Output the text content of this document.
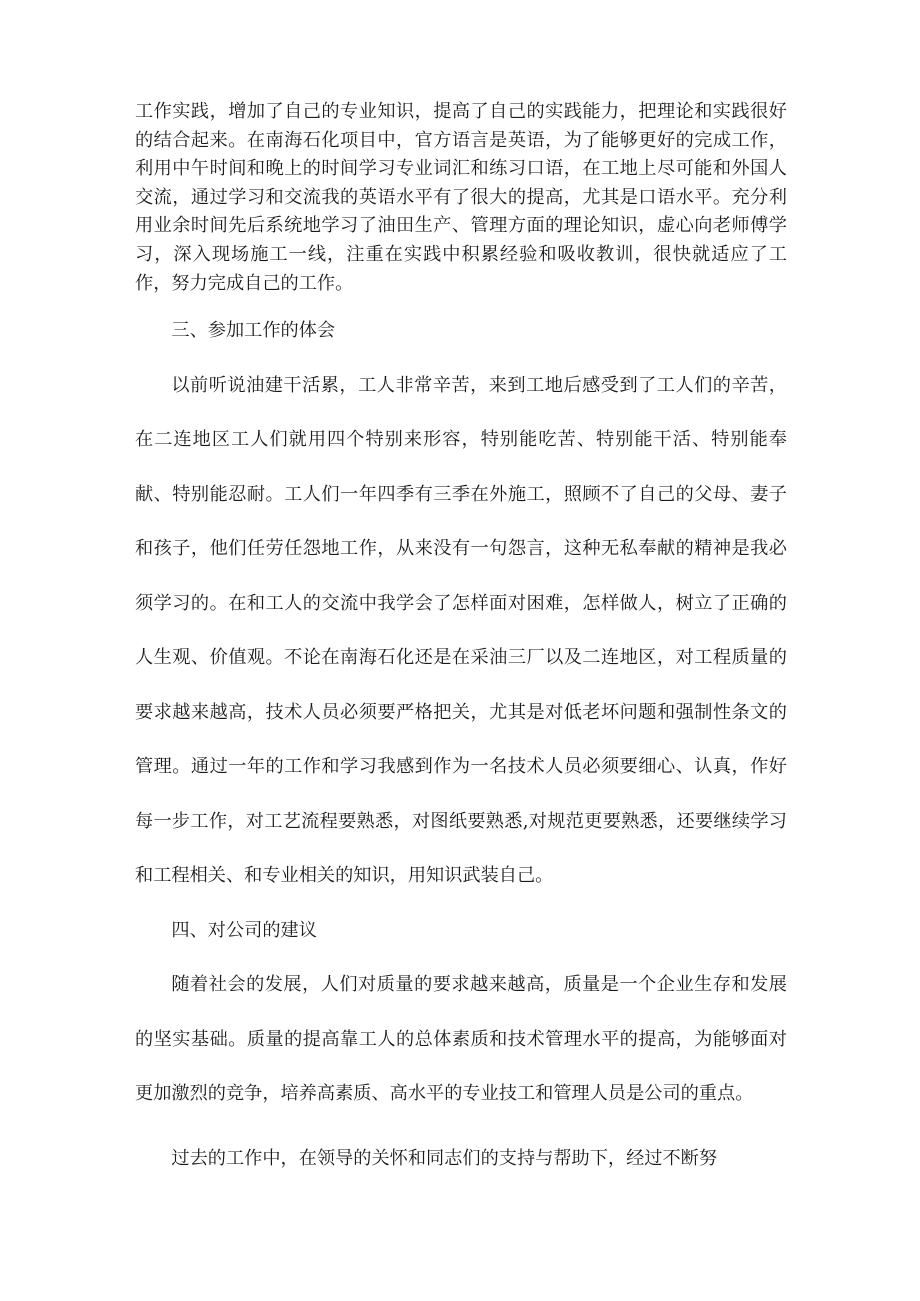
工作实践，增加了自己的专业知识，提高了自己的实践能力，把理论和实践很好的结合起来。在南海石化项目中，官方语言是英语，为了能够更好的完成工作，利用中午时间和晚上的时间学习专业词汇和练习口语，在工地上尽可能和外国人交流，通过学习和交流我的英语水平有了很大的提高，尤其是口语水平。充分利用业余时间先后系统地学习了油田生产、管理方面的理论知识，虚心向老师傅学习，深入现场施工一线，注重在实践中积累经验和吸收教训，很快就适应了工作，努力完成自己的工作。

三、参加工作的体会

以前听说油建干活累，工人非常辛苦，来到工地后感受到了工人们的辛苦，在二连地区工人们就用四个特别来形容，特别能吃苦、特别能干活、特别能奉献、特别能忍耐。工人们一年四季有三季在外施工，照顾不了自己的父母、妻子和孩子，他们任劳任怨地工作，从来没有一句怨言，这种无私奉献的精神是我必须学习的。在和工人的交流中我学会了怎样面对困难，怎样做人，树立了正确的人生观、价值观。不论在南海石化还是在采油三厂以及二连地区，对工程质量的要求越来越高，技术人员必须要严格把关，尤其是对低老坏问题和强制性条文的管理。通过一年的工作和学习我感到作为一名技术人员必须要细心、认真，作好每一步工作，对工艺流程要熟悉，对图纸要熟悉,对规范更要熟悉，还要继续学习和工程相关、和专业相关的知识，用知识武装自己。

四、对公司的建议

随着社会的发展，人们对质量的要求越来越高，质量是一个企业生存和发展的坚实基础。质量的提高靠工人的总体素质和技术管理水平的提高，为能够面对更加激烈的竞争，培养高素质、高水平的专业技工和管理人员是公司的重点。

过去的工作中，在领导的关怀和同志们的支持与帮助下，经过不断努
